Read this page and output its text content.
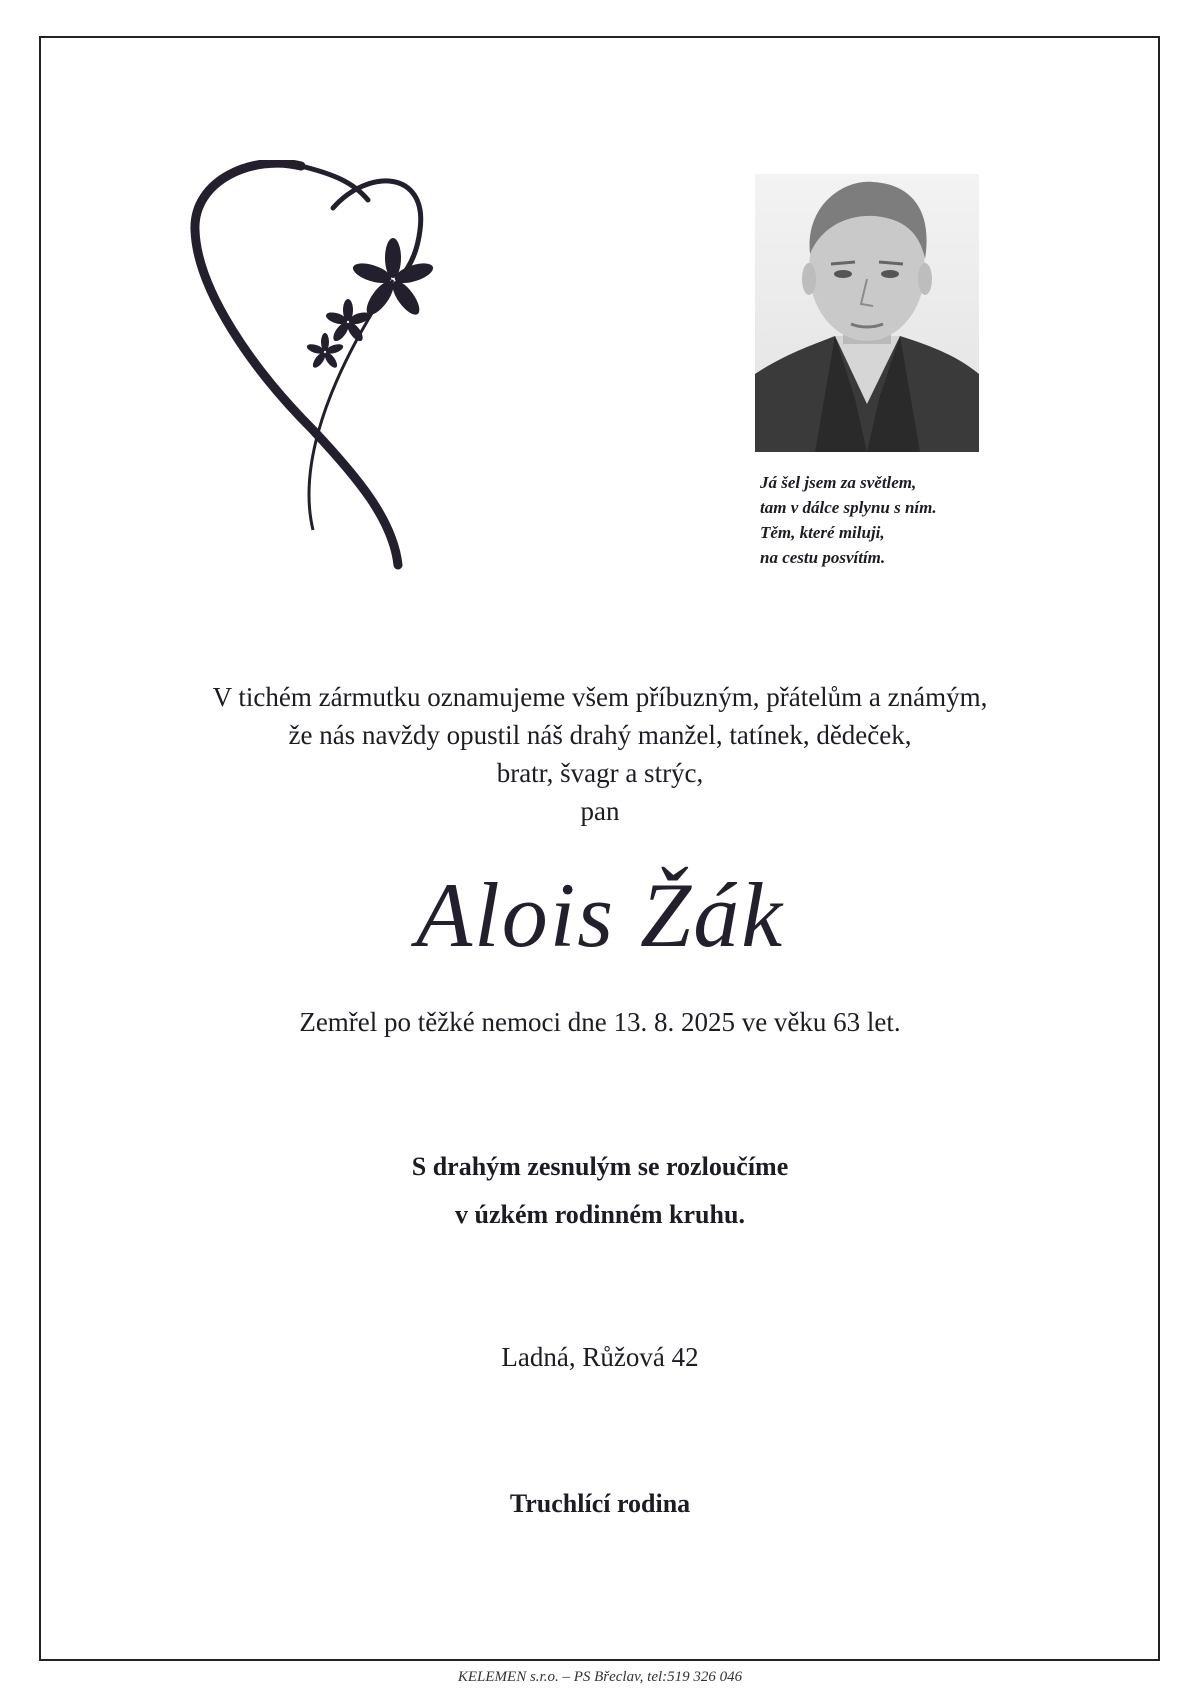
Já šel jsem za světlem,
tam v dálce splynu s ním.
Těm, které miluji,
na cestu posvítím.
V tichém zármutku oznamujeme všem příbuzným, přátelům a známým,
že nás navždy opustil náš drahý manžel, tatínek, dědeček,
bratr, švagr a strýc,
pan
Alois Žák
Zemřel po těžké nemoci dne 13. 8. 2025 ve věku 63 let.
S drahým zesnulým se rozloučíme
v úzkém rodinném kruhu.
Ladná, Růžová 42
Truchlící rodina
KELEMEN s.r.o. – PS Břeclav, tel:519 326 046
